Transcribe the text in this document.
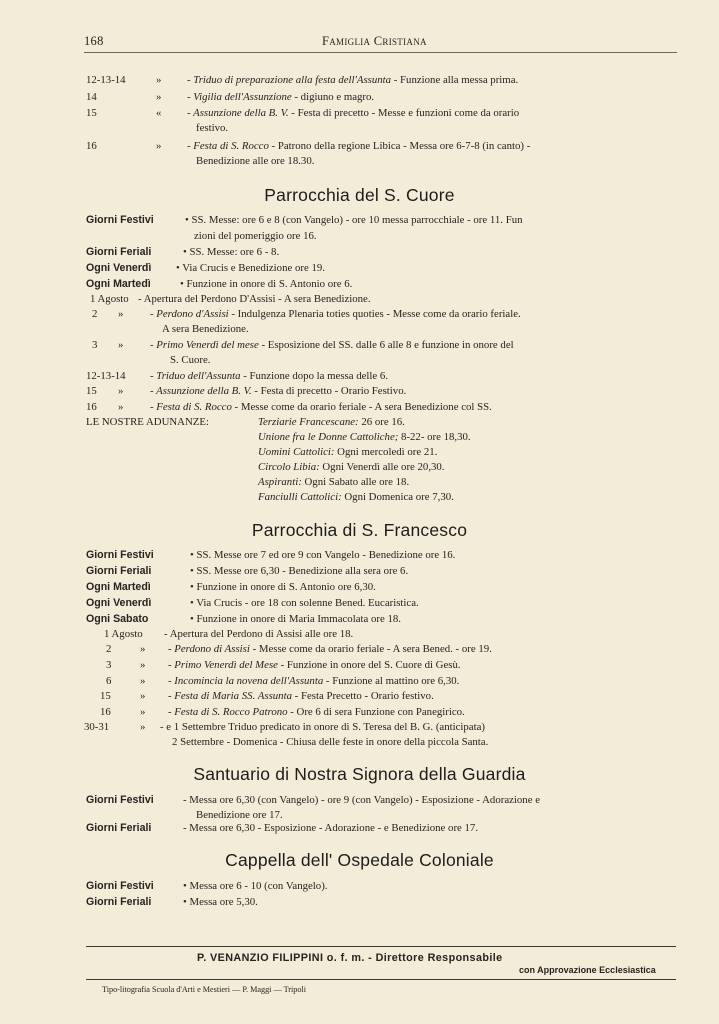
168	Famiglia Cristiana
12-13-14	» - Triduo di preparazione alla festa dell'Assunta - Funzione alla messa prima.
14	» - Vigilia dell'Assunzione - digiuno e magro.
15	« - Assunzione della B. V. - Festa di precetto - Messe e funzioni come da orario
festivo.
16	» - Festa di S. Rocco - Patrono della regione Libica - Messa ore 6-7-8 (in canto) -
Benedizione alle ore 18.30.
Parrocchia del S. Cuore
Giorni Festivi	• SS. Messe: ore 6 e 8 (con Vangelo) - ore 10 messa parrocchiale - ore 11. Fun
zioni del pomeriggio ore 16.
Giorni Feriali	• SS. Messe: ore 6 - 8.
Ogni Venerdì • Via Crucis e Benedizione ore 19.
Ogni Martedì	• Funzione in onore di S. Antonio ore 6.
1 Agosto - Apertura del Perdono D'Assisi - A sera Benedizione.
2 » - Perdono d'Assisi - Indulgenza Plenaria toties quoties - Messe come da orario feriale.
A sera Benedizione.
3 » - Primo Venerdì del mese - Esposizione del SS. dalle 6 alle 8 e funzione in onore del
S. Cuore.
12-13-14 - Triduo dell'Assunta - Funzione dopo la messa delle 6.
15 » - Assunzione della B. V. - Festa di precetto - Orario Festivo.
16 » - Festa di S. Rocco - Messe come da orario feriale - A sera Benedizione col SS.
LE NOSTRE ADUNANZE:	Terziarie Francescane: 26 ore 16.
Unione fra le Donne Cattoliche; 8-22- ore 18,30.
Uomini Cattolici: Ogni mercoledì ore 21.
Circolo Libia: Ogni Venerdì alle ore 20,30.
Aspiranti: Ogni Sabato alle ore 18.
Fanciulli Cattolici: Ogni Domenica ore 7,30.
Parrocchia di S. Francesco
Giorni Festivi	• SS. Messe ore 7 ed ore 9 con Vangelo - Benedizione ore 16.
Giorni Feriali	• SS. Messe ore 6,30 - Benedizione alla sera ore 6.
Ogni Martedì	• Funzione in onore di S. Antonio ore 6,30.
Ogni Venerdì	• Via Crucis - ore 18 con solenne Bened. Eucaristica.
Ogni Sabato	• Funzione in onore di Maria Immacolata ore 18.
1 Agosto - Apertura del Perdono di Assisi alle ore 18.
2	» - Perdono di Assisi - Messe come da orario feriale - A sera Bened. - ore 19.
3	» - Primo Venerdì del Mese - Funzione in onore del S. Cuore di Gesù.
6	» - Incomincia la novena dell'Assunta - Funzione al mattino ore 6,30.
15	» - Festa di Maria SS. Assunta - Festa Precetto - Orario festivo.
16	» - Festa di S. Rocco Patrono - Ore 6 di sera Funzione con Panegirico.
30-31	» - e 1 Settembre Triduo predicato in onore di S. Teresa del B. G. (anticipata)
2 Settembre - Domenica - Chiusa delle feste in onore della piccola Santa.
Santuario di Nostra Signora della Guardia
Giorni Festivi	- Messa ore 6,30 (con Vangelo) - ore 9 (con Vangelo) - Esposizione - Adorazione e
Benedizione ore 17.
Giorni Feriali	- Messa ore 6,30 - Esposizione - Adorazione - e Benedizione ore 17.
Cappella dell' Ospedale Coloniale
Giorni Festivi	• Messa ore 6 - 10 (con Vangelo).
Giorni Feriali	• Messa ore 5,30.
P. VENANZIO FILIPPINI o. f. m. - Direttore Responsabile
con Approvazione Ecclesiastica
Tipo-litografia Scuola d'Arti e Mestieri — P. Maggi — Tripoli
